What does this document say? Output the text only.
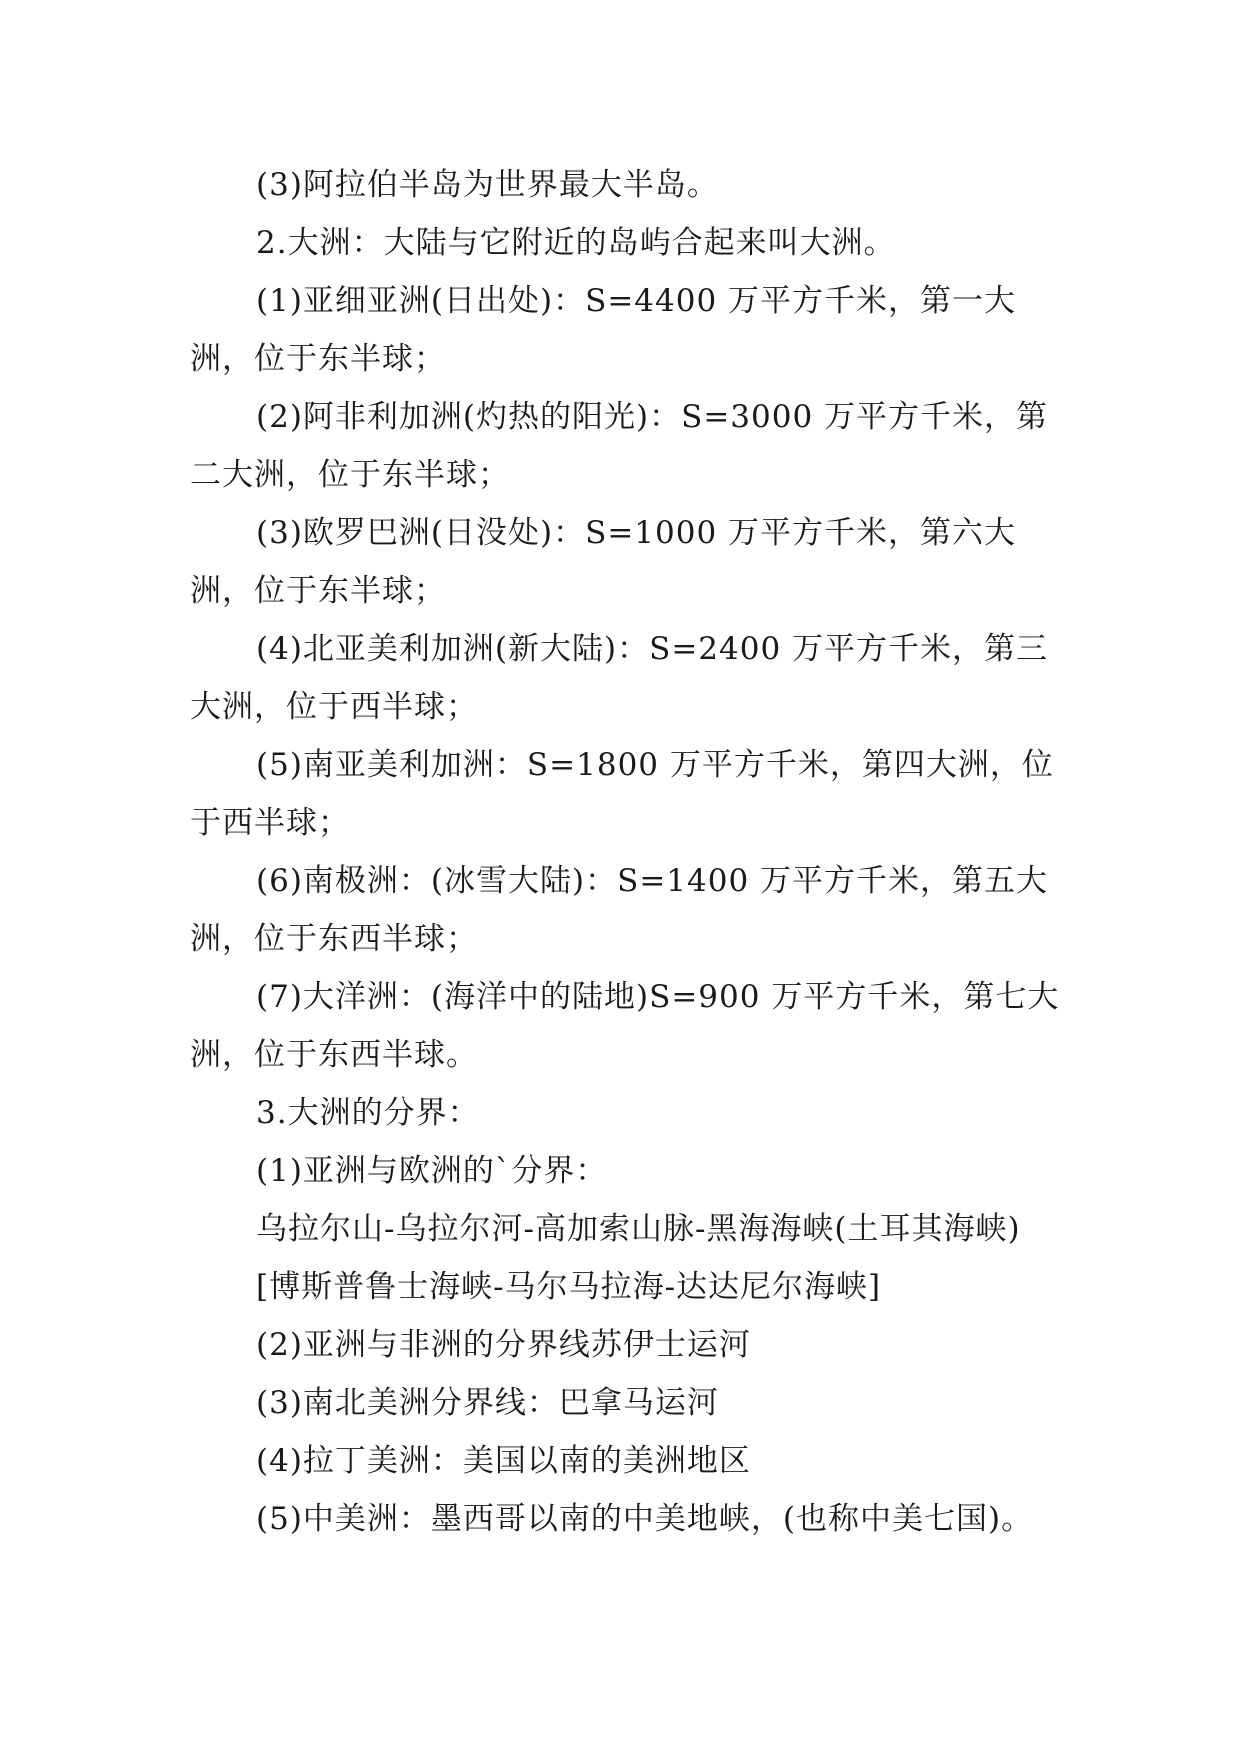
(3)阿拉伯半岛为世界最大半岛。

2.大洲：大陆与它附近的岛屿合起来叫大洲。

(1)亚细亚洲(日出处)：S=4400 万平方千米，第一大洲，位于东半球；

(2)阿非利加洲(灼热的阳光)：S=3000 万平方千米，第二大洲，位于东半球；

(3)欧罗巴洲(日没处)：S=1000 万平方千米，第六大洲，位于东半球；

(4)北亚美利加洲(新大陆)：S=2400 万平方千米，第三大洲，位于西半球；

(5)南亚美利加洲：S=1800 万平方千米，第四大洲，位于西半球；

(6)南极洲：(冰雪大陆)：S=1400 万平方千米，第五大洲，位于东西半球；

(7)大洋洲：(海洋中的陆地)S=900 万平方千米，第七大洲，位于东西半球。

3.大洲的分界：

(1)亚洲与欧洲的`分界：

乌拉尔山-乌拉尔河-高加索山脉-黑海海峡(土耳其海峡)

[博斯普鲁士海峡-马尔马拉海-达达尼尔海峡]

(2)亚洲与非洲的分界线苏伊士运河

(3)南北美洲分界线：巴拿马运河

(4)拉丁美洲：美国以南的美洲地区

(5)中美洲：墨西哥以南的中美地峡，(也称中美七国)。
